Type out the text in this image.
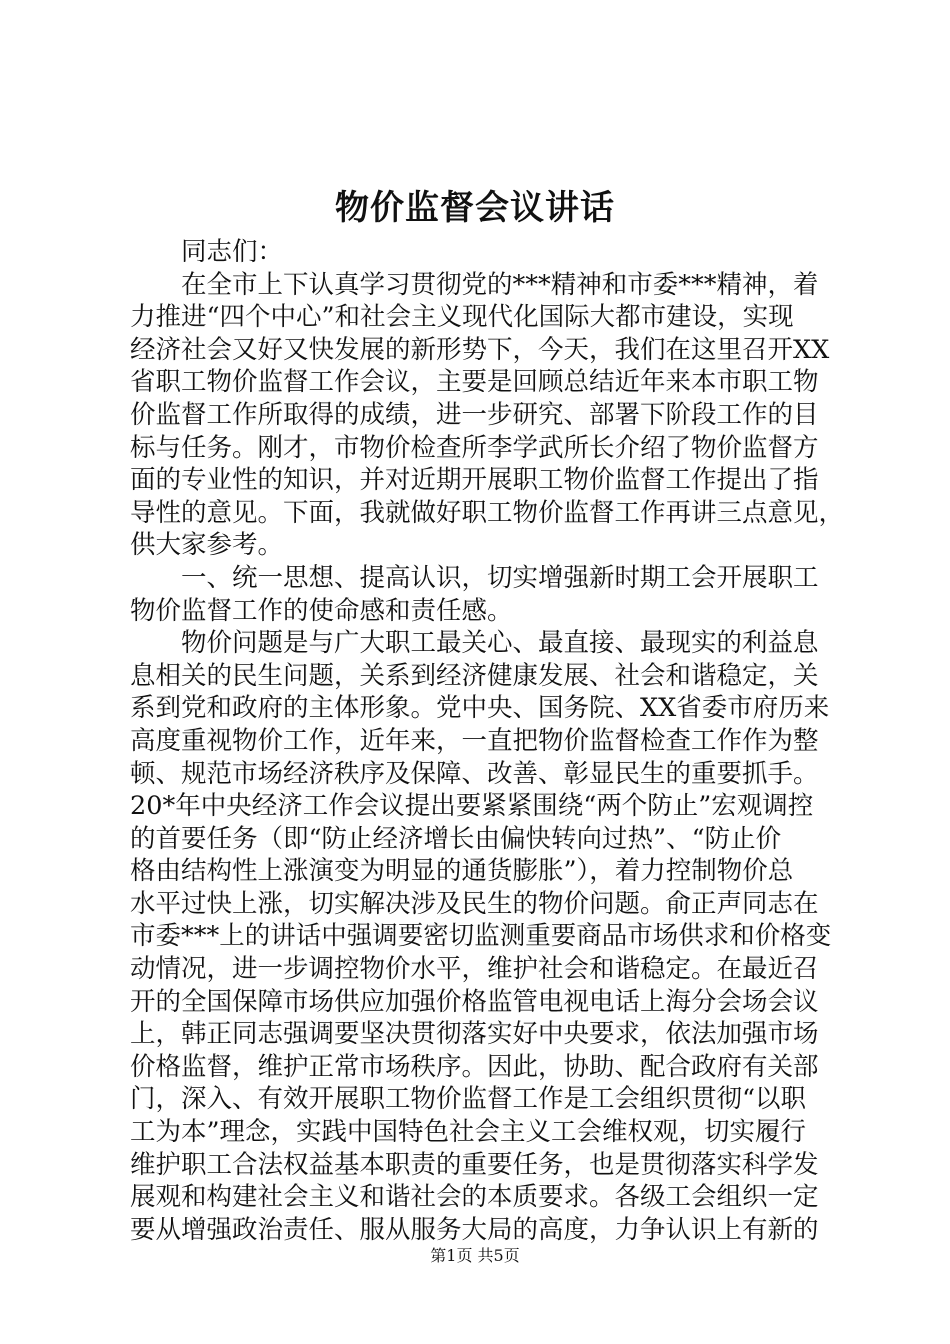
物价监督会议讲话

　　同志们：

　　在全市上下认真学习贯彻党的***精神和市委***精神，着

力推进“四个中心”和社会主义现代化国际大都市建设，实现

经济社会又好又快发展的新形势下，今天，我们在这里召开XX

省职工物价监督工作会议，主要是回顾总结近年来本市职工物

价监督工作所取得的成绩，进一步研究、部署下阶段工作的目

标与任务。刚才，市物价检查所李学武所长介绍了物价监督方

面的专业性的知识，并对近期开展职工物价监督工作提出了指

导性的意见。下面，我就做好职工物价监督工作再讲三点意见，

供大家参考。

　　一、统一思想、提高认识，切实增强新时期工会开展职工

物价监督工作的使命感和责任感。

　　物价问题是与广大职工最关心、最直接、最现实的利益息

息相关的民生问题，关系到经济健康发展、社会和谐稳定，关

系到党和政府的主体形象。党中央、国务院、XX省委市府历来

高度重视物价工作，近年来，一直把物价监督检查工作作为整

顿、规范市场经济秩序及保障、改善、彰显民生的重要抓手。

20*年中央经济工作会议提出要紧紧围绕“两个防止”宏观调控

的首要任务（即“防止经济增长由偏快转向过热”、“防止价

格由结构性上涨演变为明显的通货膨胀”），着力控制物价总

水平过快上涨，切实解决涉及民生的物价问题。俞正声同志在

市委***上的讲话中强调要密切监测重要商品市场供求和价格变

动情况，进一步调控物价水平，维护社会和谐稳定。在最近召

开的全国保障市场供应加强价格监管电视电话上海分会场会议

上，韩正同志强调要坚决贯彻落实好中央要求，依法加强市场

价格监督，维护正常市场秩序。因此，协助、配合政府有关部

门，深入、有效开展职工物价监督工作是工会组织贯彻“以职

工为本”理念，实践中国特色社会主义工会维权观，切实履行

维护职工合法权益基本职责的重要任务，也是贯彻落实科学发

展观和构建社会主义和谐社会的本质要求。各级工会组织一定

要从增强政治责任、服从服务大局的高度，力争认识上有新的

第1页 共5页
